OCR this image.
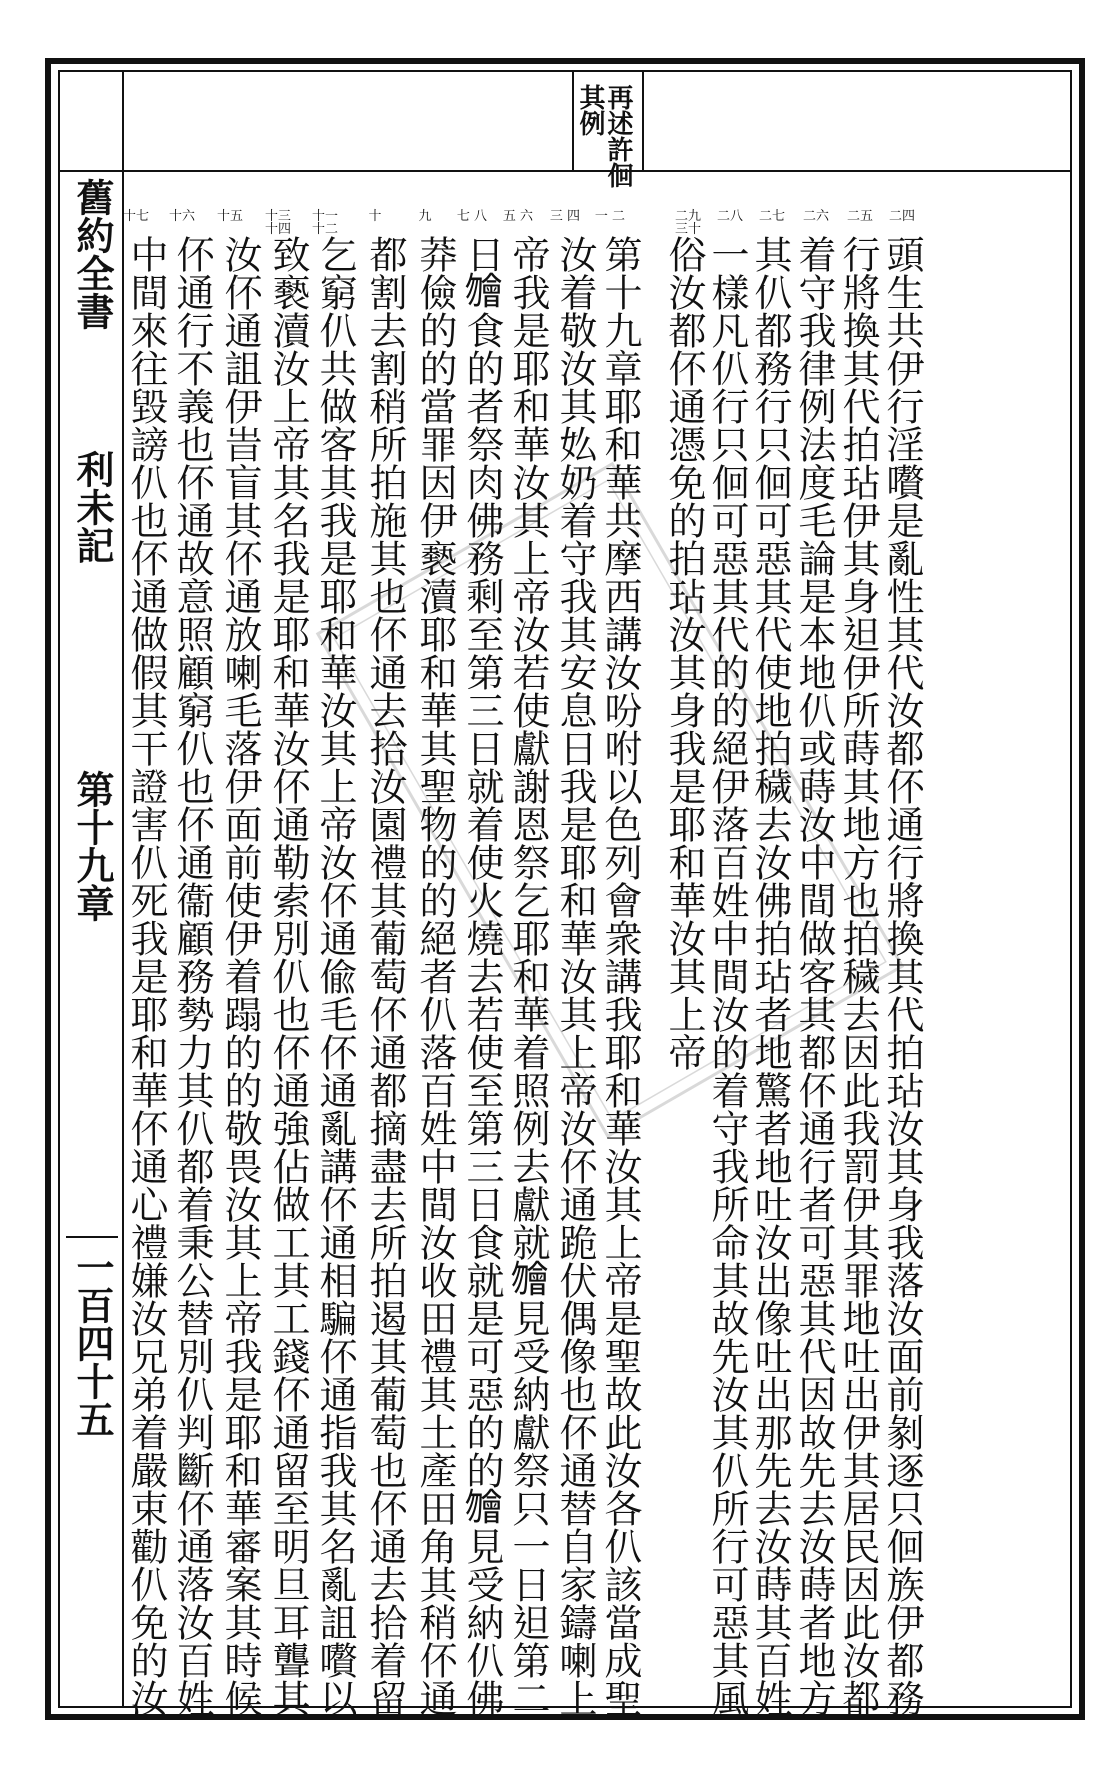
再述許佪
其例
舊約全書
利未記
第十九章
一百四十五
二四
二五
二六
二七
二八
二九 三十
一 二
三 四
五 六
七 八
九
十
十一 十二
十三 十四
十五
十六
十七
頭生共伊行淫嚽是亂性其代汝都伓通行將換其代拍玷汝其身我落汝面前剶逐只佪族伊都務
行將換其代拍玷伊其身𨑨伊所蒔其地方也拍穢去因此我罰伊其罪地吐出伊其居民因此汝都
着守我律例法度毛論是本地仈或蒔汝中間做客其都伓通行者可惡其代因故先去汝蒔者地方
其仈都務行只佪可惡其代使地拍穢去汝佛拍玷者地驚者地吐汝出像吐出那先去汝蒔其百姓
一樣凡仈行只佪可惡其代的的絕伊落百姓中間汝的着守我所命其故先汝其仈所行可惡其風
俗汝都伓通憑免的拍玷汝其身我是耶和華汝其上帝
第十九章耶和華共摩西講汝吩咐以色列會衆講我耶和華汝其上帝是聖故此汝各仈該當成聖
汝着敬汝其𡚸奶着守我其安息日我是耶和華汝其上帝汝伓通跪伏偶像也伓通替自家鑄喇上
帝我是耶和華汝其上帝汝若使獻謝恩祭乞耶和華着照例去獻就𣍐見受納獻祭只一日𨑨第二
日𣍐食的者祭肉佛務剩至第三日就着使火燒去若使至第三日食就是可惡的的𣍐見受納仈佛
莽儉的的當罪因伊褻瀆耶和華其聖物的的絕者仈落百姓中間汝收田禮其土產田角其稍伓通
都割去割稍所拍施其也伓通去拾汝園禮其葡萄伓通都摘盡去所拍遏其葡萄也伓通去拾着留
乞窮仈共做客其我是耶和華汝其上帝汝伓通偸毛伓通亂講伓通相騙伓通指我其名亂詛嚽以
致褻瀆汝上帝其名我是耶和華汝伓通勒索別仈也伓通強佔做工其工錢伓通留至明旦耳聾其
汝伓通詛伊旹盲其伓通放喇毛落伊面前使伊着蹋的的敬畏汝其上帝我是耶和華審案其時候
伓通行不義也伓通故意照顧窮仈也伓通衞顧務勢力其仈都着秉公替別仈判斷伓通落汝百姓
中間來往毀謗仈也伓通做假其干證害仈死我是耶和華伓通心禮嫌汝兄弟着嚴束勸仈免的汝
